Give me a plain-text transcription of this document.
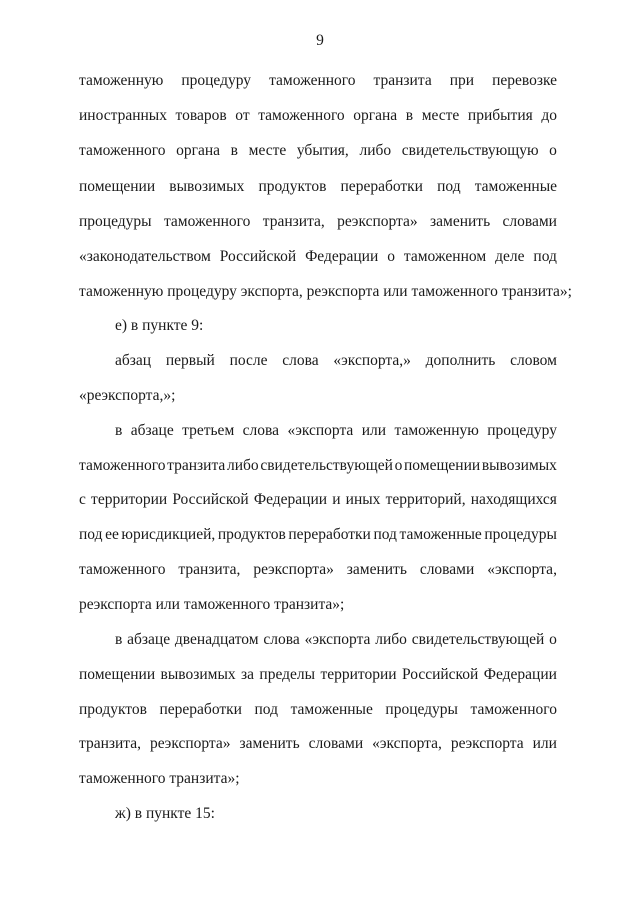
9
таможенную процедуру таможенного транзита при перевозке
иностранных товаров от таможенного органа в месте прибытия до
таможенного органа в месте убытия, либо свидетельствующую о
помещении вывозимых продуктов переработки под таможенные
процедуры таможенного транзита, реэкспорта» заменить словами
«законодательством Российской Федерации о таможенном деле под
таможенную процедуру экспорта, реэкспорта или таможенного транзита»;
е) в пункте 9:
абзац первый после слова «экспорта,» дополнить словом
«реэкспорта,»;
в абзаце третьем слова «экспорта или таможенную процедуру
таможенного транзита либо свидетельствующей о помещении вывозимых
с территории Российской Федерации и иных территорий, находящихся
под ее юрисдикцией, продуктов переработки под таможенные процедуры
таможенного транзита, реэкспорта» заменить словами «экспорта,
реэкспорта или таможенного транзита»;
в абзаце двенадцатом слова «экспорта либо свидетельствующей о
помещении вывозимых за пределы территории Российской Федерации
продуктов переработки под таможенные процедуры таможенного
транзита, реэкспорта» заменить словами «экспорта, реэкспорта или
таможенного транзита»;
ж) в пункте 15:
